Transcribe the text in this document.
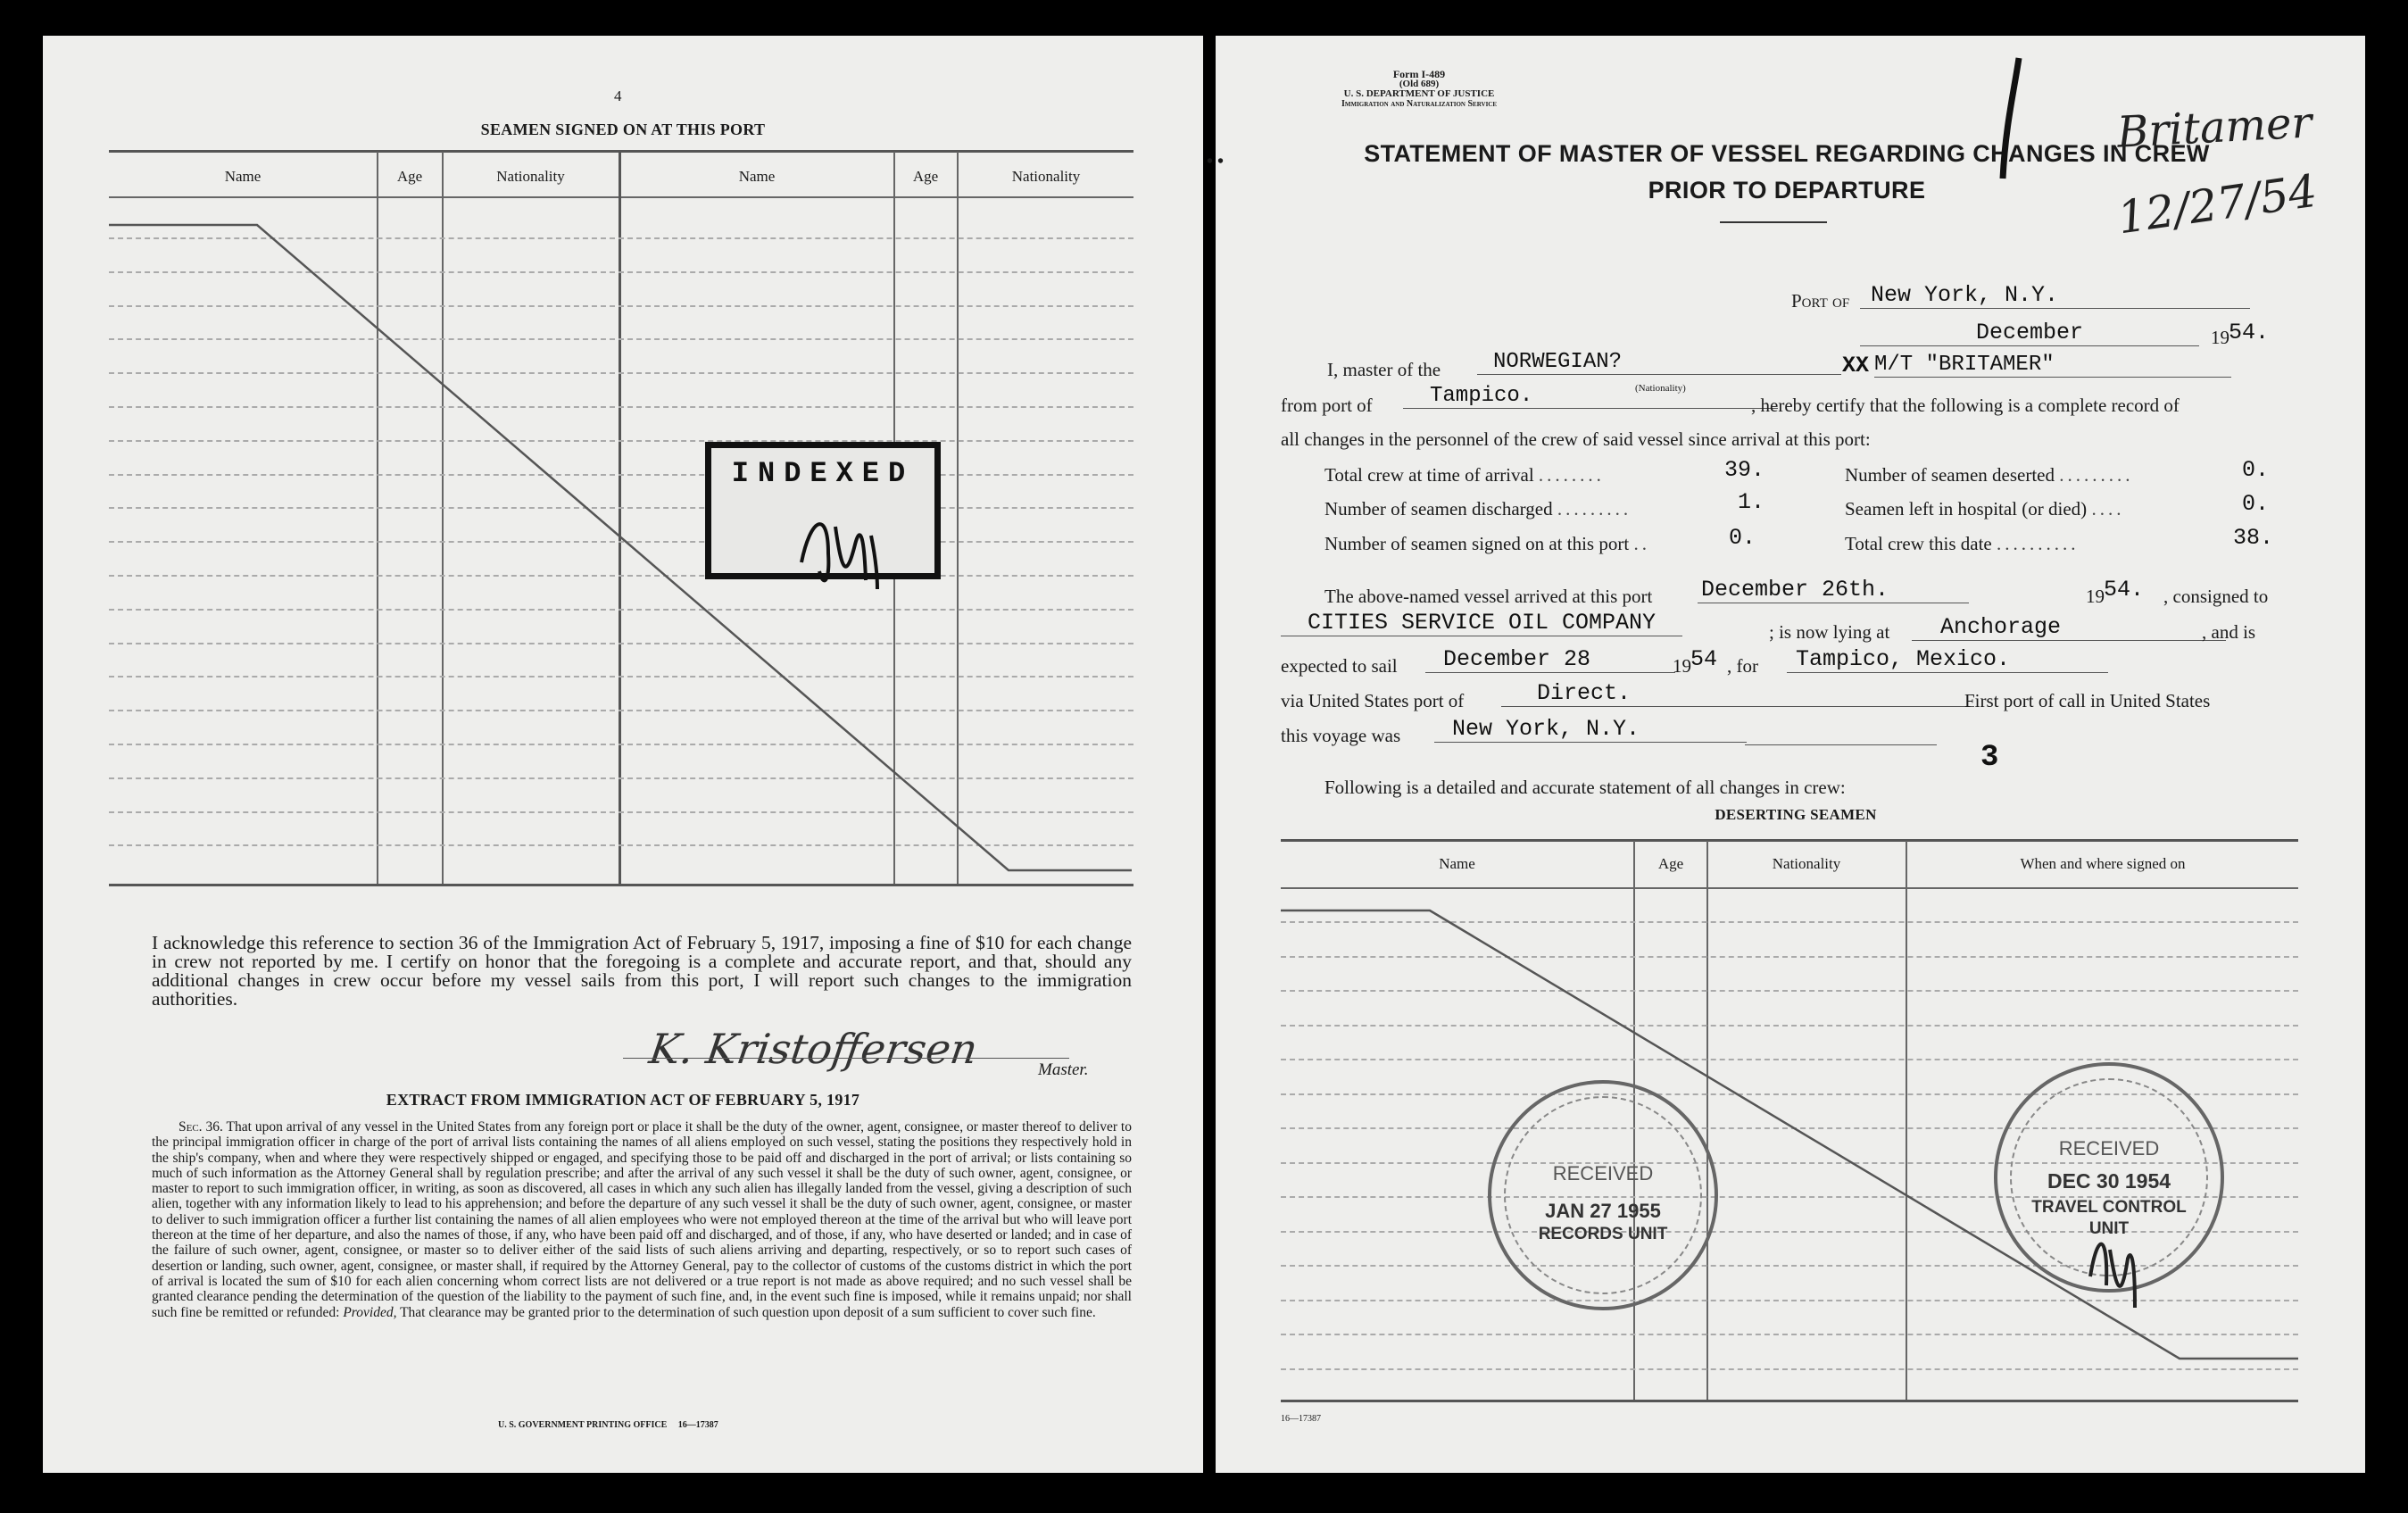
4
SEAMEN SIGNED ON AT THIS PORT
Name	Age	Nationality	Name	Age	Nationality
INDEXED
I acknowledge this reference to section 36 of the Immigration Act of February 5, 1917, imposing a fine of $10 for each change in crew not reported by me. I certify on honor that the foregoing is a complete and accurate report, and that, should any additional changes in crew occur before my vessel sails from this port, I will report such changes to the immigration authorities.
K. Kristoffersen	Master.
EXTRACT FROM IMMIGRATION ACT OF FEBRUARY 5, 1917
Sec. 36. That upon arrival of any vessel in the United States from any foreign port or place it shall be the duty of the owner, agent, consignee, or master thereof to deliver to the principal immigration officer in charge of the port of arrival lists containing the names of all aliens employed on such vessel, stating the positions they respectively hold in the ship's company, when and where they were respectively shipped or engaged, and specifying those to be paid off and discharged in the port of arrival; or lists containing so much of such information as the Attorney General shall by regulation prescribe; and after the arrival of any such vessel it shall be the duty of such owner, agent, consignee, or master to report to such immigration officer, in writing, as soon as discovered, all cases in which any such alien has illegally landed from the vessel, giving a description of such alien, together with any information likely to lead to his apprehension; and before the departure of any such vessel it shall be the duty of such owner, agent, consignee, or master to deliver to such immigration officer a further list containing the names of all alien employees who were not employed thereon at the time of the arrival but who will leave port thereon at the time of her departure, and also the names of those, if any, who have been paid off and discharged, and of those, if any, who have deserted or landed; and in case of the failure of such owner, agent, consignee, or master so to deliver either of the said lists of such aliens arriving and departing, respectively, or so to report such cases of desertion or landing, such owner, agent, consignee, or master shall, if required by the Attorney General, pay to the collector of customs of the customs district in which the port of arrival is located the sum of $10 for each alien concerning whom correct lists are not delivered or a true report is not made as above required; and no such vessel shall be granted clearance pending the determination of the question of the liability to the payment of such fine, and, in the event such fine is imposed, while it remains unpaid; nor shall such fine be remitted or refunded: Provided, That clearance may be granted prior to the determination of such question upon deposit of a sum sufficient to cover such fine.
U. S. GOVERNMENT PRINTING OFFICE     16—17387
Form I-489
(Old 689)
U. S. DEPARTMENT OF JUSTICE
Immigration and Naturalization Service
• •	STATEMENT OF MASTER OF VESSEL REGARDING CHANGES IN CREW
PRIOR TO DEPARTURE
Britamer
12/27/54
Port of New York, N.Y.
December	19 54.
I, master of the	NORWEGIAN?
(Nationality)
XX M/T "BRITAMER"
from port of	Tampico.	, hereby certify that the following is a complete record of
all changes in the personnel of the crew of said vessel since arrival at this port:
Total crew at time of arrival ........	39.	Number of seamen deserted .........	0.
Number of seamen discharged .........	1.	Seamen left in hospital (or died) ....	0.
Number of seamen signed on at this port ..	0.	Total crew this date ..........	38.
The above-named vessel arrived at this port December 26th.	19 54. , consigned to
CITIES SERVICE OIL COMPANY	; is now lying at	Anchorage	, and is
expected to sail	December 28	19 54 , for	Tampico, Mexico.
via United States port of	Direct.	First port of call in United States
this voyage was	New York, N.Y.
3
Following is a detailed and accurate statement of all changes in crew:
DESERTING SEAMEN
Name	Age	Nationality	When and where signed on
RECEIVED
JAN 27 1955
RECORDS UNIT
RECEIVED
DEC 30 1954
TRAVEL CONTROL
UNIT
16—17387
